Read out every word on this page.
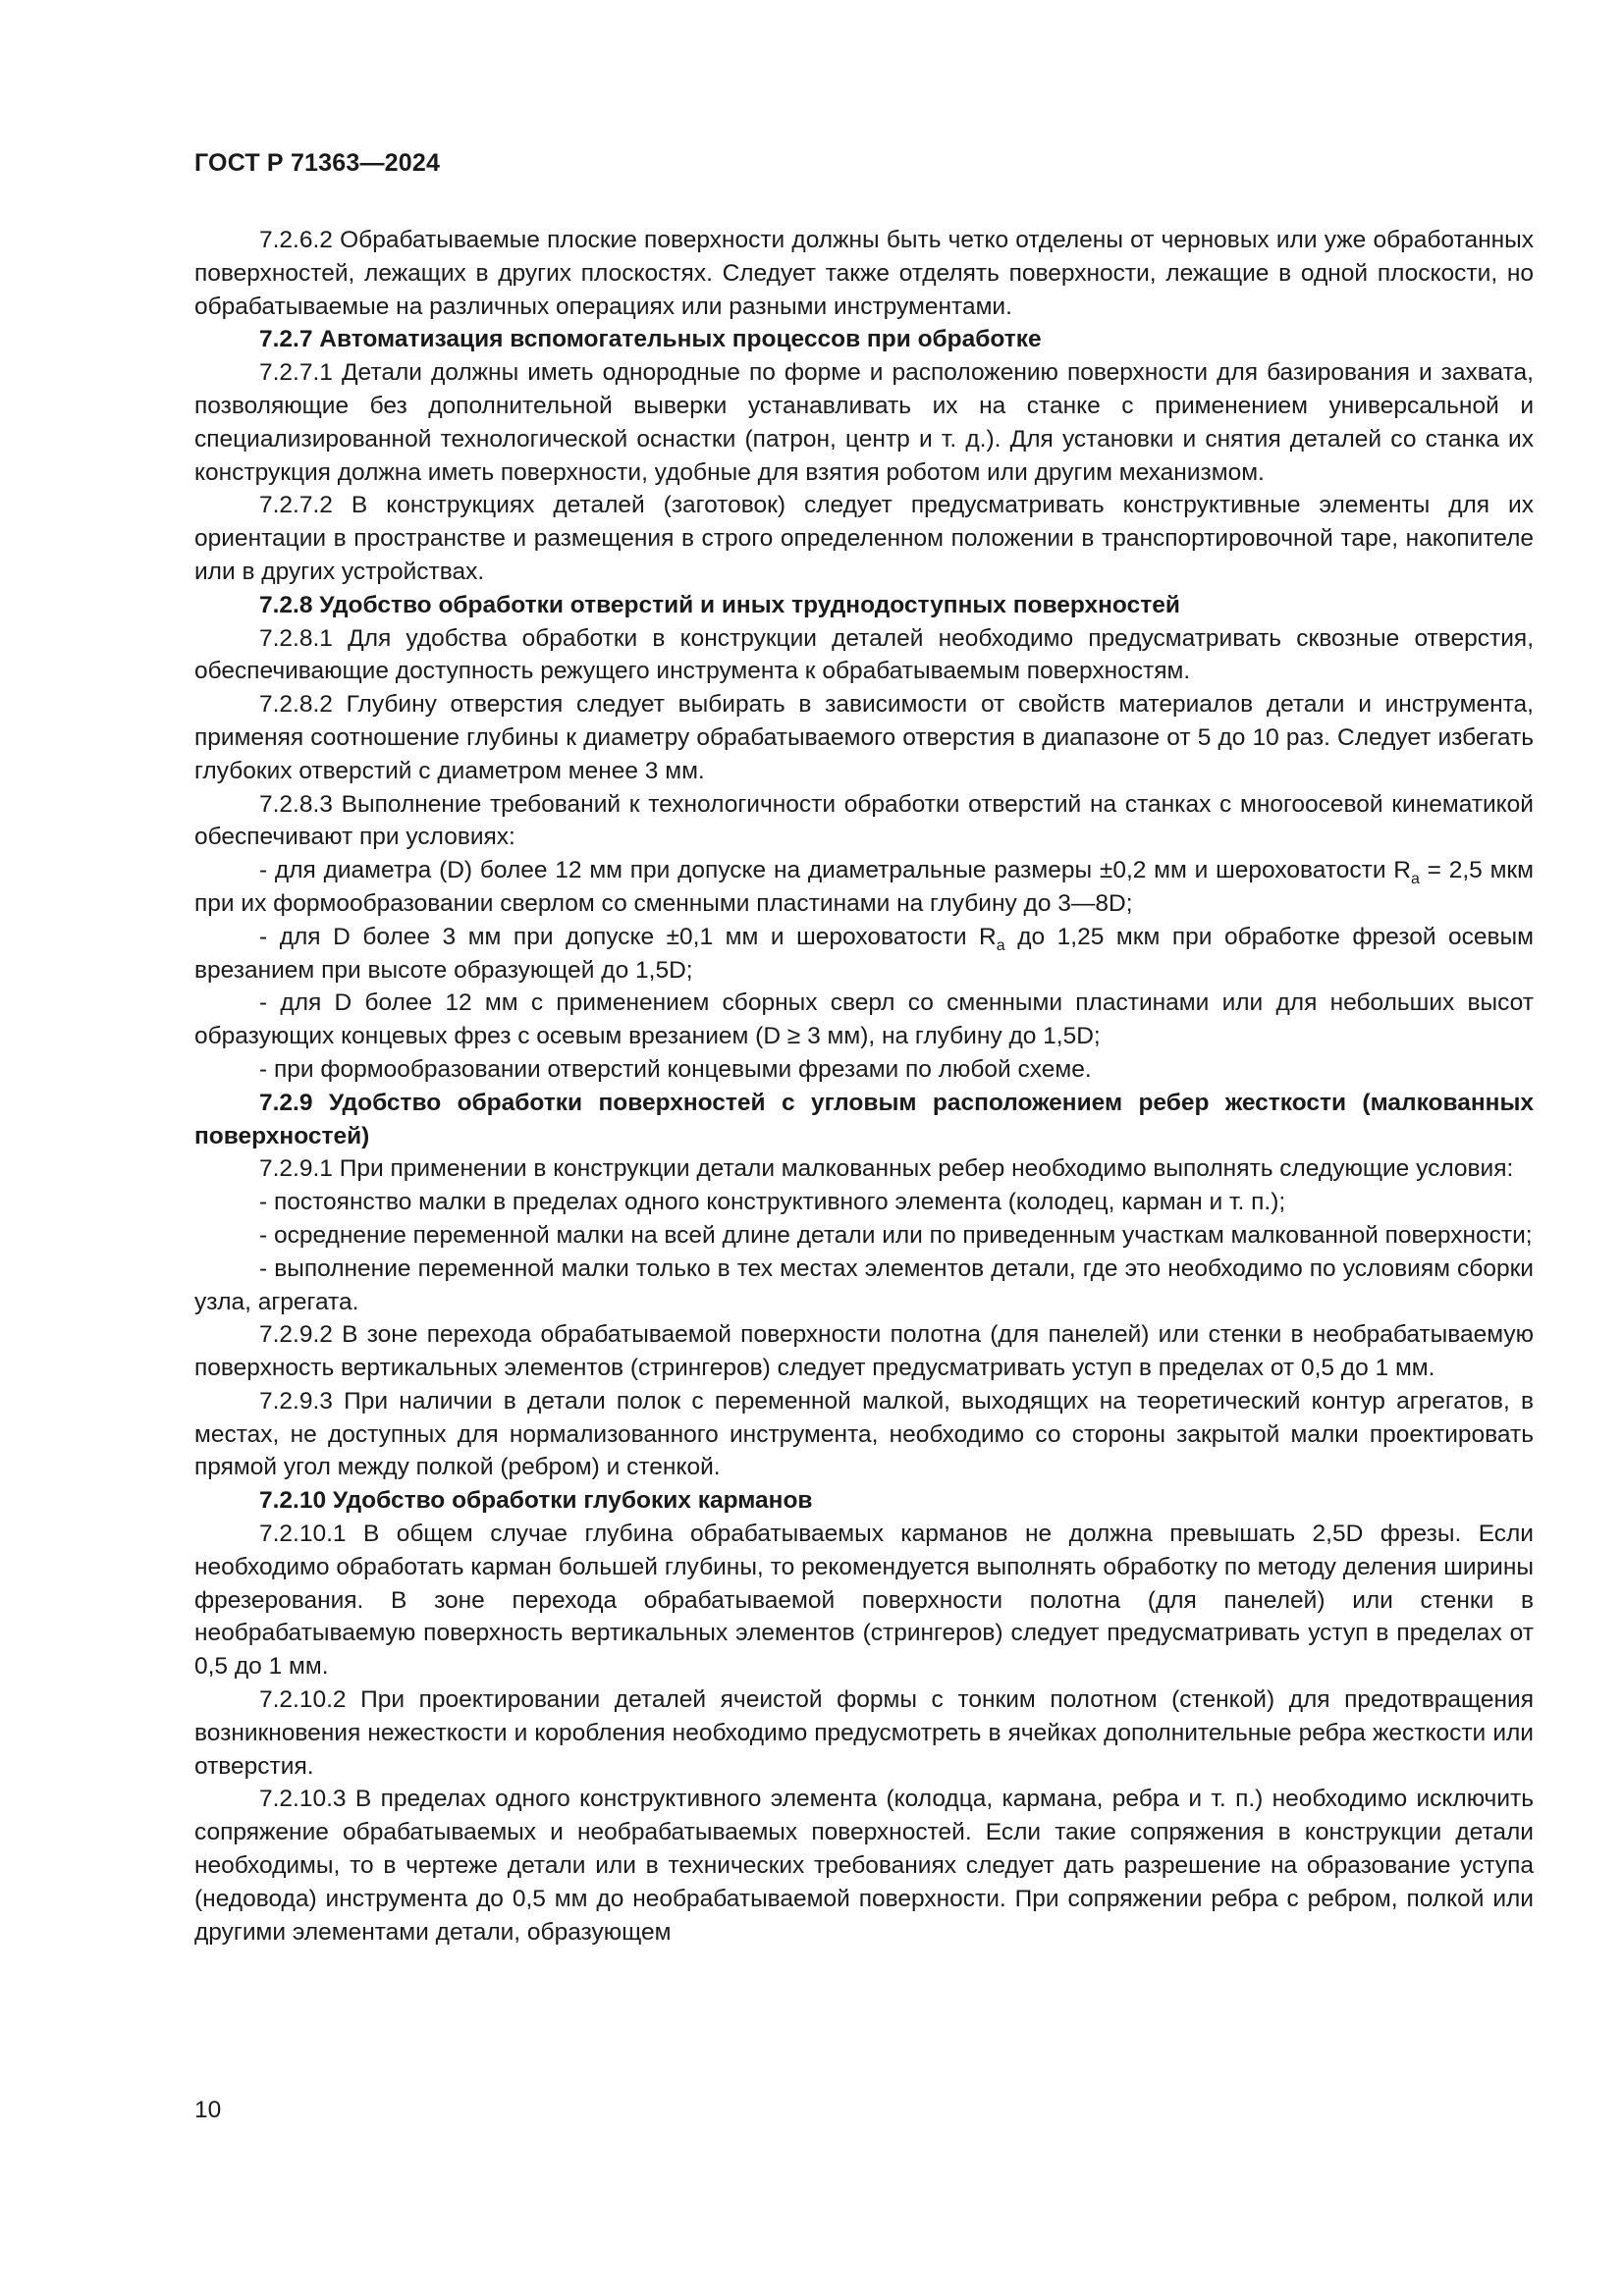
ГОСТ Р 71363—2024

7.2.6.2 Обрабатываемые плоские поверхности должны быть четко отделены от черновых или уже обработанных поверхностей, лежащих в других плоскостях. Следует также отделять поверхности, лежащие в одной плоскости, но обрабатываемые на различных операциях или разными инструментами.

7.2.7 Автоматизация вспомогательных процессов при обработке

7.2.7.1 Детали должны иметь однородные по форме и расположению поверхности для базирования и захвата, позволяющие без дополнительной выверки устанавливать их на станке с применением универсальной и специализированной технологической оснастки (патрон, центр и т. д.). Для установки и снятия деталей со станка их конструкция должна иметь поверхности, удобные для взятия роботом или другим механизмом.

7.2.7.2 В конструкциях деталей (заготовок) следует предусматривать конструктивные элементы для их ориентации в пространстве и размещения в строго определенном положении в транспортировочной таре, накопителе или в других устройствах.

7.2.8 Удобство обработки отверстий и иных труднодоступных поверхностей

7.2.8.1 Для удобства обработки в конструкции деталей необходимо предусматривать сквозные отверстия, обеспечивающие доступность режущего инструмента к обрабатываемым поверхностям.

7.2.8.2 Глубину отверстия следует выбирать в зависимости от свойств материалов детали и инструмента, применяя соотношение глубины к диаметру обрабатываемого отверстия в диапазоне от 5 до 10 раз. Следует избегать глубоких отверстий с диаметром менее 3 мм.

7.2.8.3 Выполнение требований к технологичности обработки отверстий на станках с многоосевой кинематикой обеспечивают при условиях:

- для диаметра (D) более 12 мм при допуске на диаметральные размеры ±0,2 мм и шероховатости $R_a = 2,5$ мкм при их формообразовании сверлом со сменными пластинами на глубину до 3—8D;

- для D более 3 мм при допуске ±0,1 мм и шероховатости $R_a$ до 1,25 мкм при обработке фрезой осевым врезанием при высоте образующей до 1,5D;

- для D более 12 мм с применением сборных сверл со сменными пластинами или для небольших высот образующих концевых фрез с осевым врезанием (D ≥ 3 мм), на глубину до 1,5D;

- при формообразовании отверстий концевыми фрезами по любой схеме.

7.2.9 Удобство обработки поверхностей с угловым расположением ребер жесткости (малкованных поверхностей)

7.2.9.1 При применении в конструкции детали малкованных ребер необходимо выполнять следующие условия:

- постоянство малки в пределах одного конструктивного элемента (колодец, карман и т. п.);

- осреднение переменной малки на всей длине детали или по приведенным участкам малкованной поверхности;

- выполнение переменной малки только в тех местах элементов детали, где это необходимо по условиям сборки узла, агрегата.

7.2.9.2 В зоне перехода обрабатываемой поверхности полотна (для панелей) или стенки в необрабатываемую поверхность вертикальных элементов (стрингеров) следует предусматривать уступ в пределах от 0,5 до 1 мм.

7.2.9.3 При наличии в детали полок с переменной малкой, выходящих на теоретический контур агрегатов, в местах, не доступных для нормализованного инструмента, необходимо со стороны закрытой малки проектировать прямой угол между полкой (ребром) и стенкой.

7.2.10 Удобство обработки глубоких карманов

7.2.10.1 В общем случае глубина обрабатываемых карманов не должна превышать 2,5D фрезы. Если необходимо обработать карман большей глубины, то рекомендуется выполнять обработку по методу деления ширины фрезерования. В зоне перехода обрабатываемой поверхности полотна (для панелей) или стенки в необрабатываемую поверхность вертикальных элементов (стрингеров) следует предусматривать уступ в пределах от 0,5 до 1 мм.

7.2.10.2 При проектировании деталей ячеистой формы с тонким полотном (стенкой) для предотвращения возникновения нежесткости и коробления необходимо предусмотреть в ячейках дополнительные ребра жесткости или отверстия.

7.2.10.3 В пределах одного конструктивного элемента (колодца, кармана, ребра и т. п.) необходимо исключить сопряжение обрабатываемых и необрабатываемых поверхностей. Если такие сопряжения в конструкции детали необходимы, то в чертеже детали или в технических требованиях следует дать разрешение на образование уступа (недовода) инструмента до 0,5 мм до необрабатываемой поверхности. При сопряжении ребра с ребром, полкой или другими элементами детали, образующем

10
